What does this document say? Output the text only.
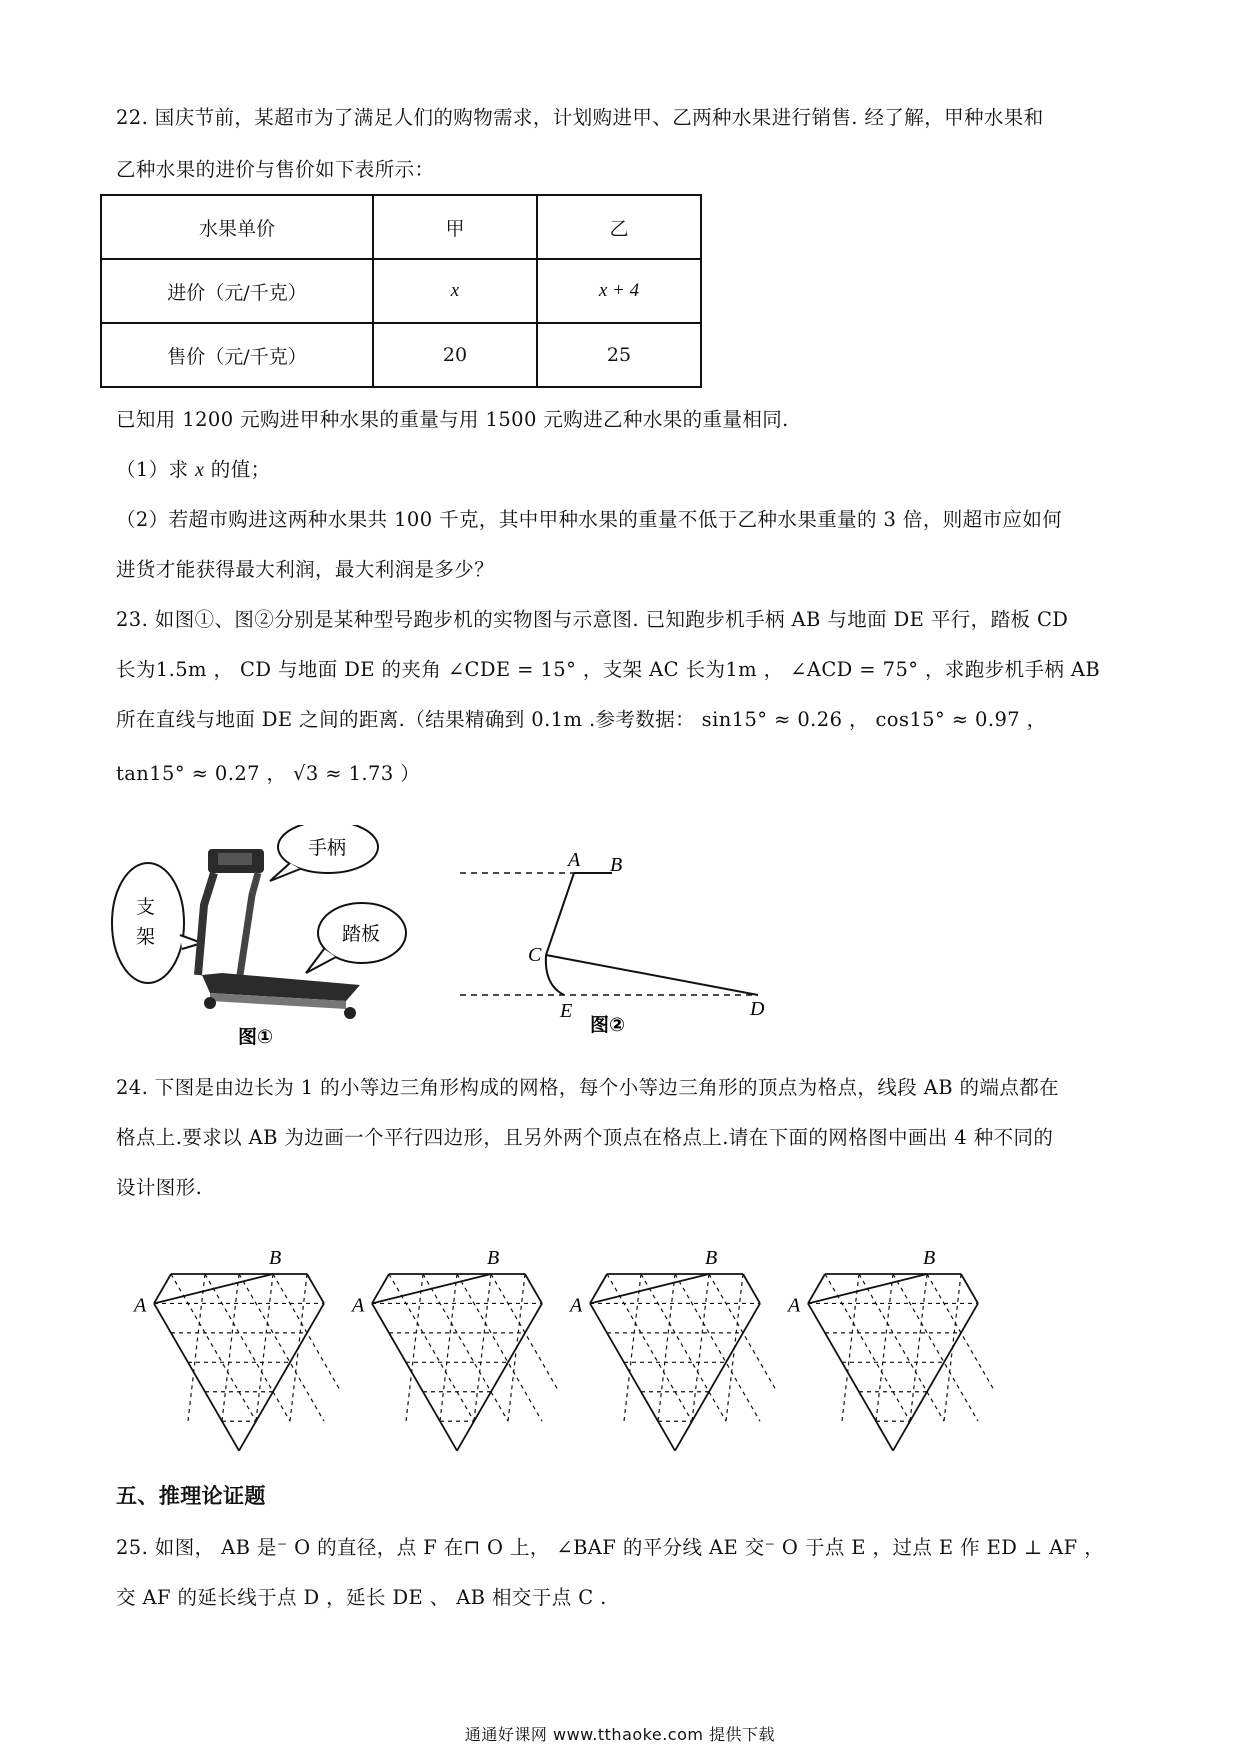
22. 国庆节前，某超市为了满足人们的购物需求，计划购进甲、乙两种水果进行销售. 经了解，甲种水果和
乙种水果的进价与售价如下表所示：
水果单价	甲	乙
进价（元/千克）	x	x + 4
售价（元/千克）	20	25
已知用 1200 元购进甲种水果的重量与用 1500 元购进乙种水果的重量相同.
（1）求 x 的值；
（2）若超市购进这两种水果共 100 千克，其中甲种水果的重量不低于乙种水果重量的 3 倍，则超市应如何
进货才能获得最大利润，最大利润是多少？
23. 如图①、图②分别是某种型号跑步机的实物图与示意图. 已知跑步机手柄 AB 与地面 DE 平行，踏板 CD
长为1.5m ， CD 与地面 DE 的夹角 ∠CDE = 15° ，支架 AC 长为1m ， ∠ACD = 75° ，求跑步机手柄 AB
所在直线与地面 DE 之间的距离.（结果精确到 0.1m .参考数据： sin15° ≈ 0.26 ， cos15° ≈ 0.97 ，
tan15° ≈ 0.27 ， √3 ≈ 1.73 ）
支
架
手柄
踏板
图①
A B
C
E	D
图②
24. 下图是由边长为 1 的小等边三角形构成的网格，每个小等边三角形的顶点为格点，线段 AB 的端点都在
格点上.要求以 AB 为边画一个平行四边形，且另外两个顶点在格点上.请在下面的网格图中画出 4 种不同的
设计图形.
A
B
A
B
A
B
A
B
五、推理论证题
25. 如图， AB 是⁻ O 的直径，点 F 在⊓ O 上， ∠BAF 的平分线 AE 交⁻ O 于点 E ，过点 E 作 ED ⊥ AF ，
交 AF 的延长线于点 D ，延长 DE 、 AB 相交于点 C .
通通好课网 www.tthaoke.com 提供下载
